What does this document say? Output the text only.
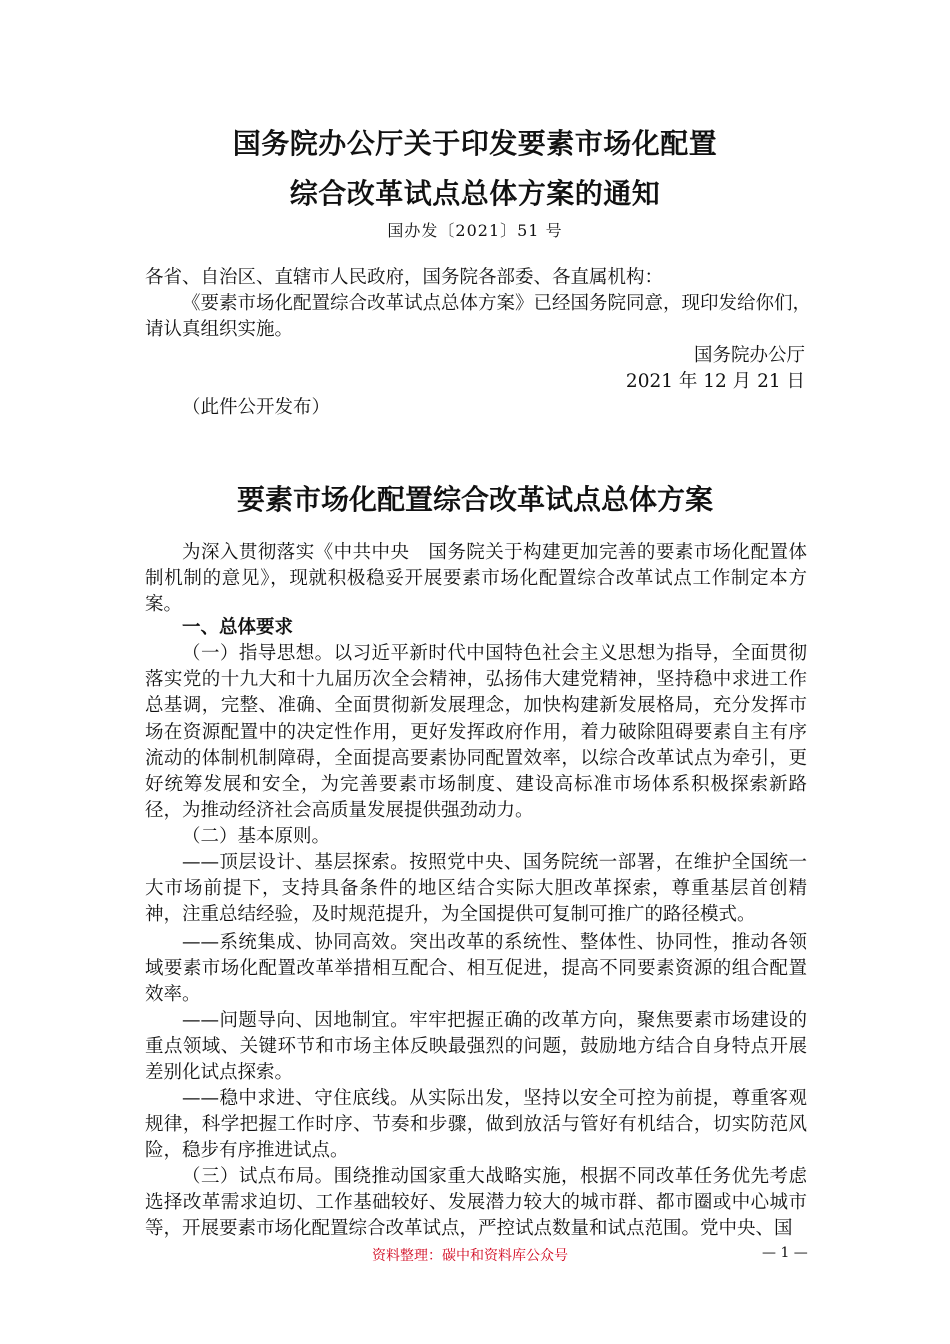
国务院办公厅关于印发要素市场化配置
综合改革试点总体方案的通知
国办发〔2021〕51 号
各省、自治区、直辖市人民政府，国务院各部委、各直属机构：
《要素市场化配置综合改革试点总体方案》已经国务院同意，现印发给你们，
请认真组织实施。
国务院办公厅
2021 年 12 月 21 日
（此件公开发布）
要素市场化配置综合改革试点总体方案
为深入贯彻落实《中共中央　国务院关于构建更加完善的要素市场化配置体制机制的意见》，现就积极稳妥开展要素市场化配置综合改革试点工作制定本方案。
一、总体要求
（一）指导思想。以习近平新时代中国特色社会主义思想为指导，全面贯彻落实党的十九大和十九届历次全会精神，弘扬伟大建党精神，坚持稳中求进工作总基调，完整、准确、全面贯彻新发展理念，加快构建新发展格局，充分发挥市场在资源配置中的决定性作用，更好发挥政府作用，着力破除阻碍要素自主有序流动的体制机制障碍，全面提高要素协同配置效率，以综合改革试点为牵引，更好统筹发展和安全，为完善要素市场制度、建设高标准市场体系积极探索新路径，为推动经济社会高质量发展提供强劲动力。
（二）基本原则。
——顶层设计、基层探索。按照党中央、国务院统一部署，在维护全国统一大市场前提下，支持具备条件的地区结合实际大胆改革探索，尊重基层首创精神，注重总结经验，及时规范提升，为全国提供可复制可推广的路径模式。
——系统集成、协同高效。突出改革的系统性、整体性、协同性，推动各领域要素市场化配置改革举措相互配合、相互促进，提高不同要素资源的组合配置效率。
——问题导向、因地制宜。牢牢把握正确的改革方向，聚焦要素市场建设的重点领域、关键环节和市场主体反映最强烈的问题，鼓励地方结合自身特点开展差别化试点探索。
——稳中求进、守住底线。从实际出发，坚持以安全可控为前提，尊重客观规律，科学把握工作时序、节奏和步骤，做到放活与管好有机结合，切实防范风险，稳步有序推进试点。
（三）试点布局。围绕推动国家重大战略实施，根据不同改革任务优先考虑选择改革需求迫切、工作基础较好、发展潜力较大的城市群、都市圈或中心城市等，开展要素市场化配置综合改革试点，严控试点数量和试点范围。党中央、国
资料整理：碳中和资料库公众号	— 1 —
